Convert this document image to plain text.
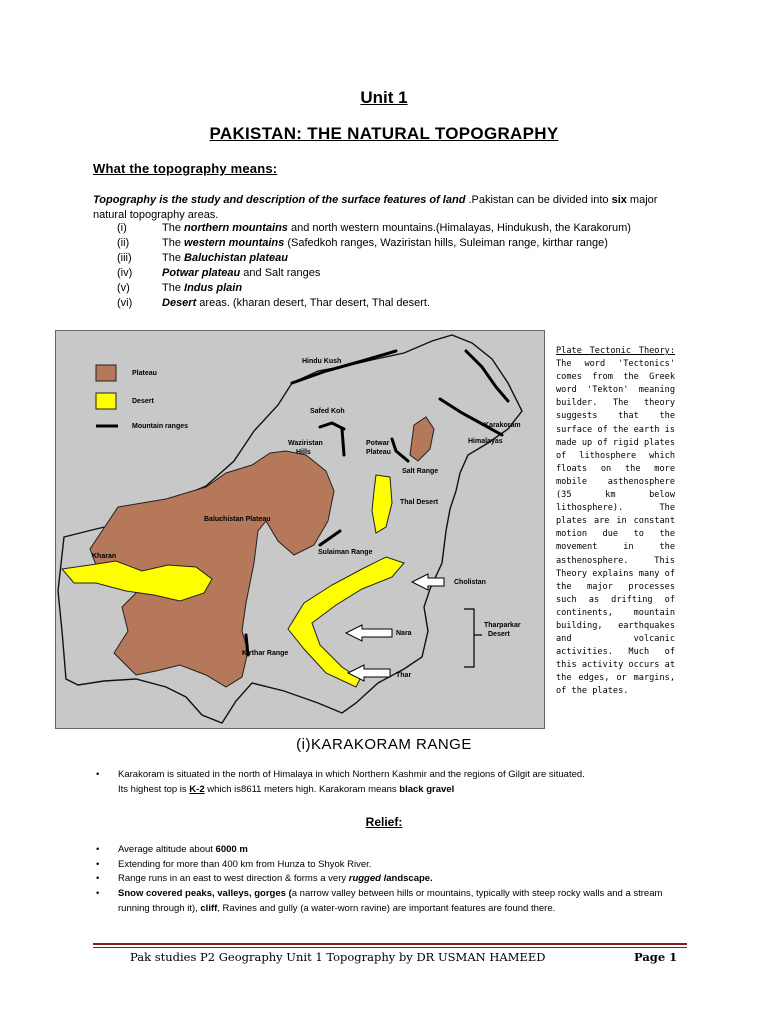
Unit 1
PAKISTAN: THE NATURAL TOPOGRAPHY
What the topography means:
Topography is the study and description of the surface features of land .Pakistan can be divided into six major natural topography areas.
(i)	The northern mountains and north western mountains.(Himalayas, Hindukush, the Karakorum)
(ii)	The western mountains (Safedkoh ranges, Waziristan hills, Suleiman range, kirthar range)
(iii)	The Baluchistan plateau
(iv)	Potwar plateau and Salt ranges
(v)	The Indus plain
(vi)	Desert areas. (kharan desert, Thar desert, Thal desert.
Plateau
Desert
Mountain ranges
Hindu Kush
Karakoram
Himalayas
Safed Koh
Waziristan
Hills
Potwar
Plateau
Salt Range
Thal Desert
Baluchistan Plateau
Sulaiman Range
Kharan
Cholistan
Tharparkar
Desert
Nara
Thar
Kirthar Range
Plate Tectonic Theory: The word 'Tectonics' comes from the Greek word 'Tekton' meaning builder. The theory suggests that the surface of the earth is made up of rigid plates of lithosphere which floats on the more mobile asthenosphere (35 km below lithosphere). The plates are in constant motion due to the movement in the asthenosphere. This Theory explains many of the major processes such as drifting of continents, mountain building, earthquakes and volcanic activities. Much of this activity occurs at the edges, or margins, of the plates.
(i)KARAKORAM RANGE
• Karakoram is situated in the north of Himalaya in which Northern Kashmir and the regions of Gilgit are situated.
Its highest top is K-2 which is8611 meters high. Karakoram means black gravel
Relief:
• Average altitude about 6000 m
• Extending for more than 400 km from Hunza to Shyok River.
• Range runs in an east to west direction & forms a very rugged landscape.
• Snow covered peaks, valleys, gorges (a narrow valley between hills or mountains, typically with steep rocky walls and a stream running through it), cliff, Ravines and gully (a water-worn ravine) are important features are found there.
Pak studies P2 Geography Unit 1 Topography by DR USMAN HAMEED	Page 1
